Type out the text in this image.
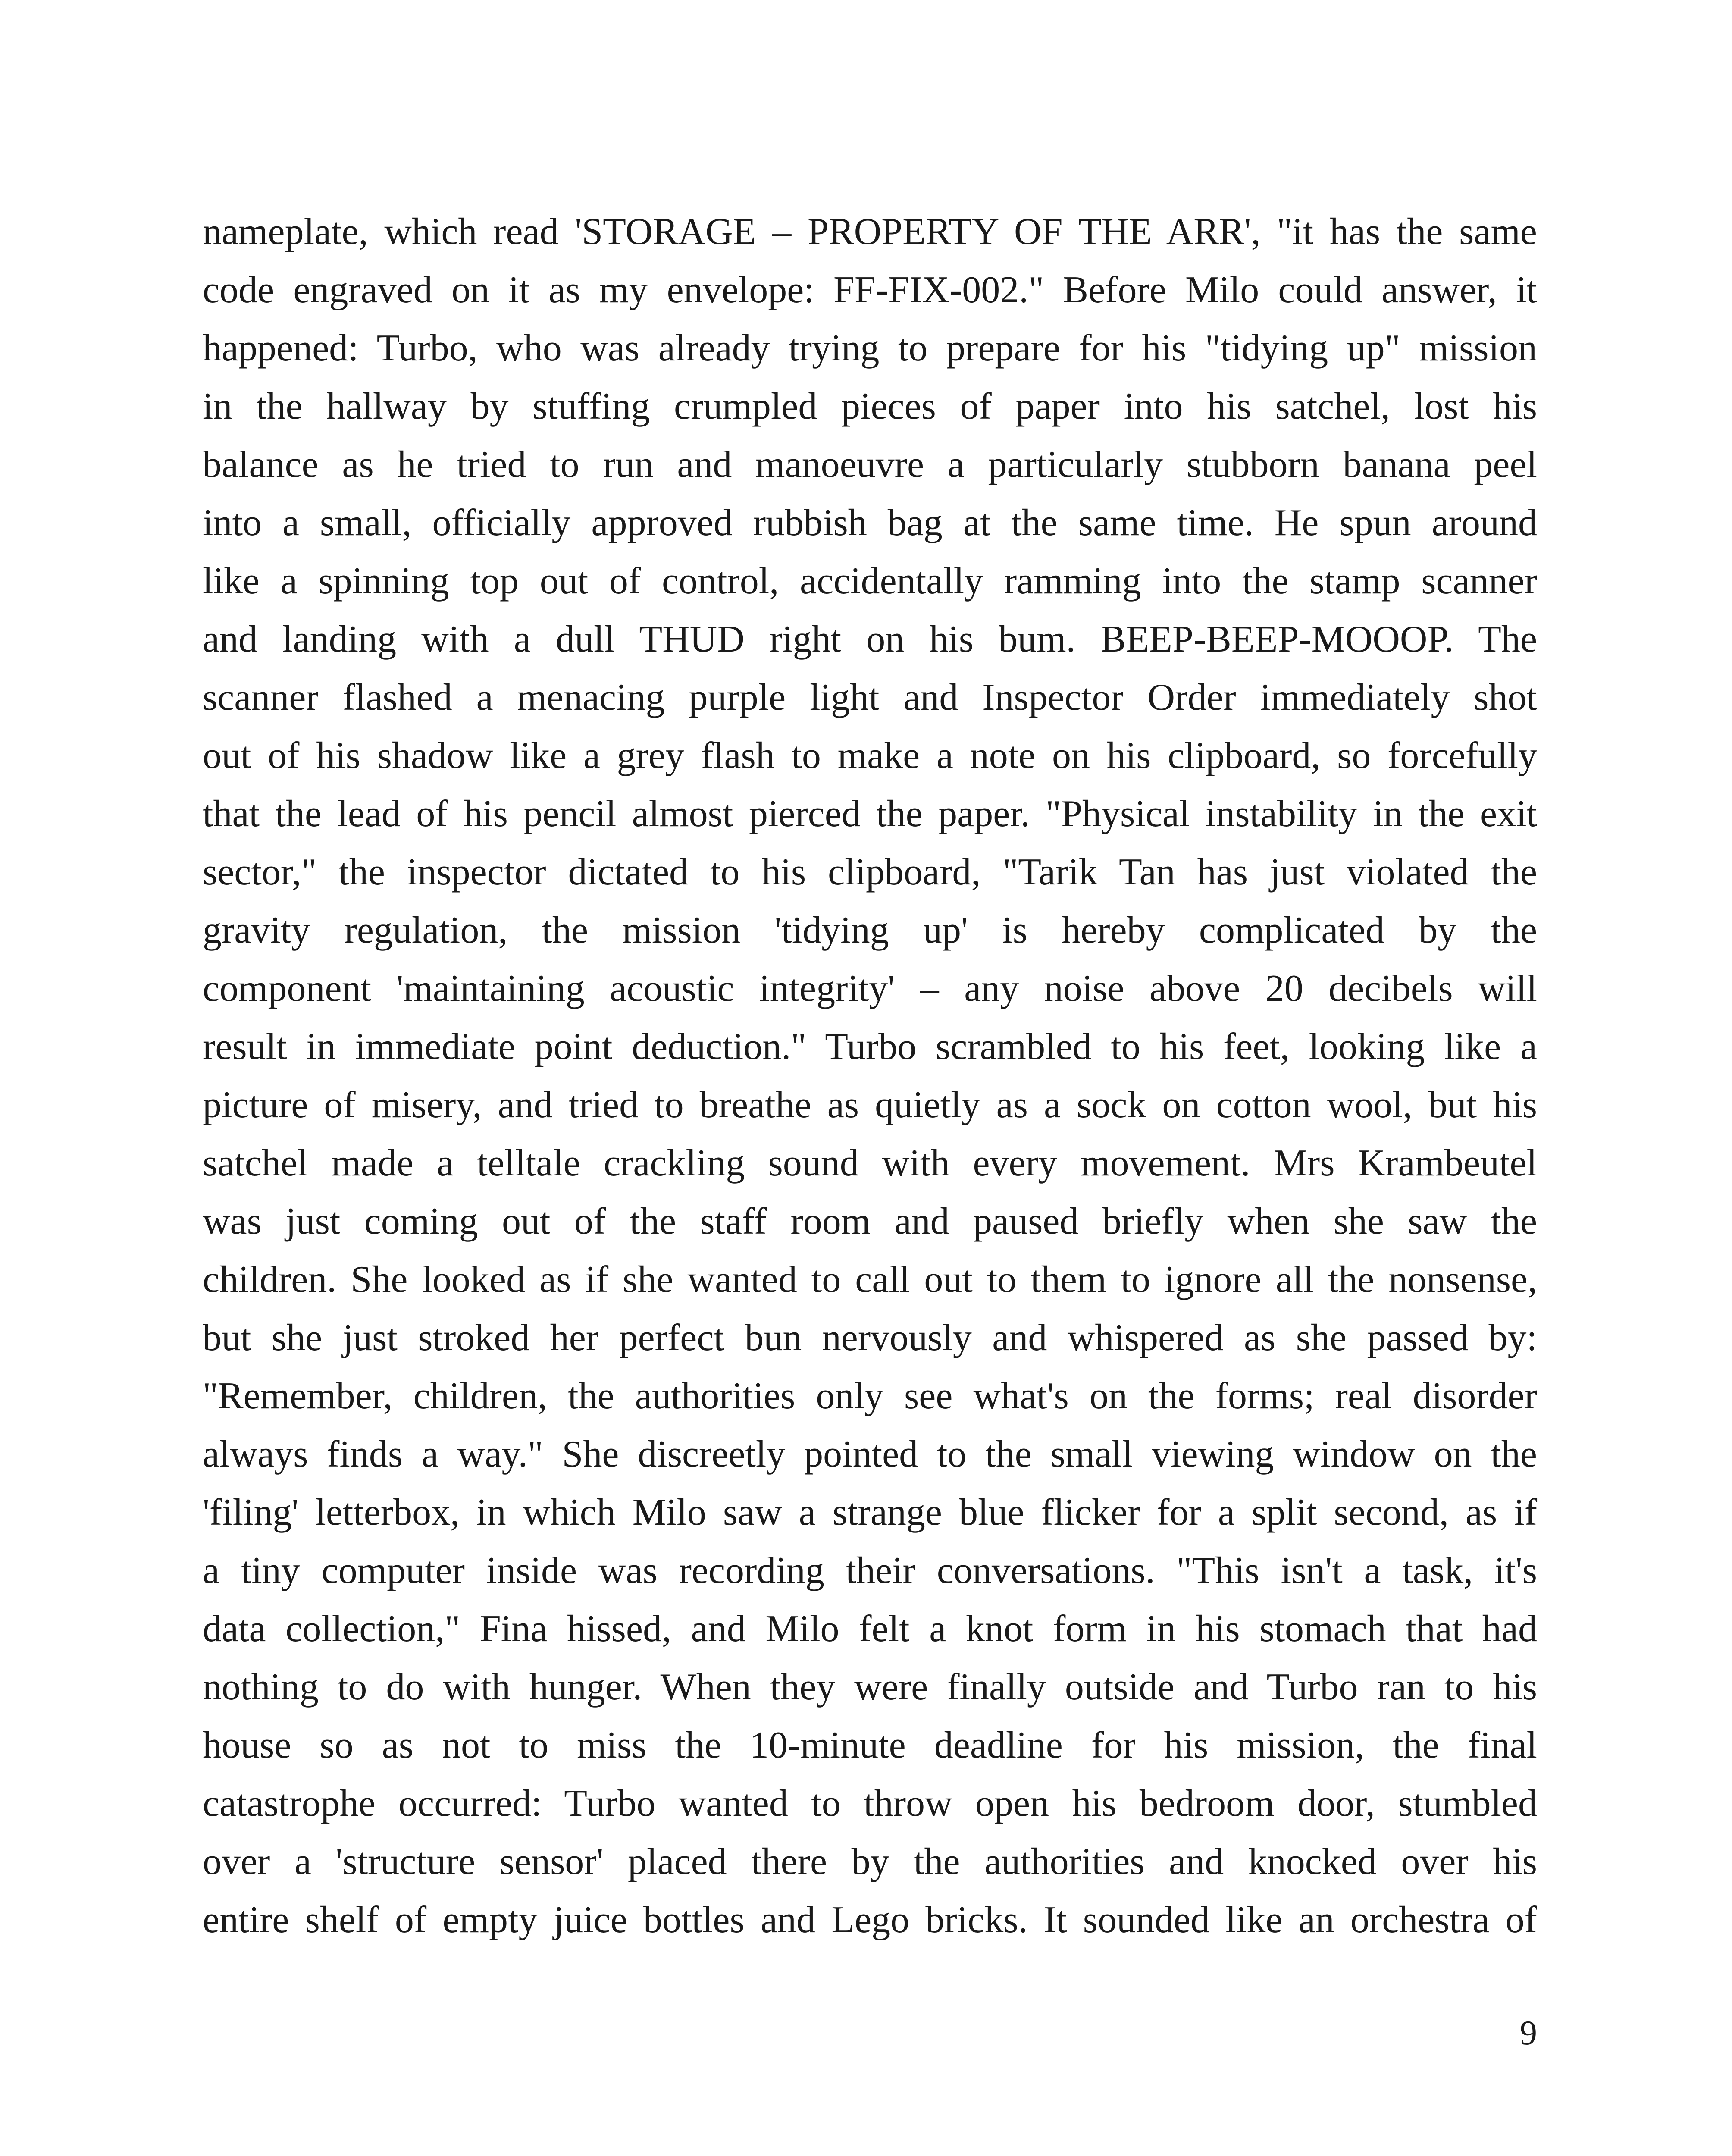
nameplate, which read 'STORAGE – PROPERTY OF THE ARR', "it has the same
code engraved on it as my envelope: FF-FIX-002." Before Milo could answer, it
happened: Turbo, who was already trying to prepare for his "tidying up" mission
in the hallway by stuffing crumpled pieces of paper into his satchel, lost his
balance as he tried to run and manoeuvre a particularly stubborn banana peel
into a small, officially approved rubbish bag at the same time. He spun around
like a spinning top out of control, accidentally ramming into the stamp scanner
and landing with a dull THUD right on his bum. BEEP-BEEP-MOOOP. The
scanner flashed a menacing purple light and Inspector Order immediately shot
out of his shadow like a grey flash to make a note on his clipboard, so forcefully
that the lead of his pencil almost pierced the paper. "Physical instability in the exit
sector," the inspector dictated to his clipboard, "Tarik Tan has just violated the
gravity regulation, the mission 'tidying up' is hereby complicated by the
component 'maintaining acoustic integrity' – any noise above 20 decibels will
result in immediate point deduction." Turbo scrambled to his feet, looking like a
picture of misery, and tried to breathe as quietly as a sock on cotton wool, but his
satchel made a telltale crackling sound with every movement. Mrs Krambeutel
was just coming out of the staff room and paused briefly when she saw the
children. She looked as if she wanted to call out to them to ignore all the nonsense,
but she just stroked her perfect bun nervously and whispered as she passed by:
"Remember, children, the authorities only see what's on the forms; real disorder
always finds a way." She discreetly pointed to the small viewing window on the
'filing' letterbox, in which Milo saw a strange blue flicker for a split second, as if
a tiny computer inside was recording their conversations. "This isn't a task, it's
data collection," Fina hissed, and Milo felt a knot form in his stomach that had
nothing to do with hunger. When they were finally outside and Turbo ran to his
house so as not to miss the 10-minute deadline for his mission, the final
catastrophe occurred: Turbo wanted to throw open his bedroom door, stumbled
over a 'structure sensor' placed there by the authorities and knocked over his
entire shelf of empty juice bottles and Lego bricks. It sounded like an orchestra of
9
